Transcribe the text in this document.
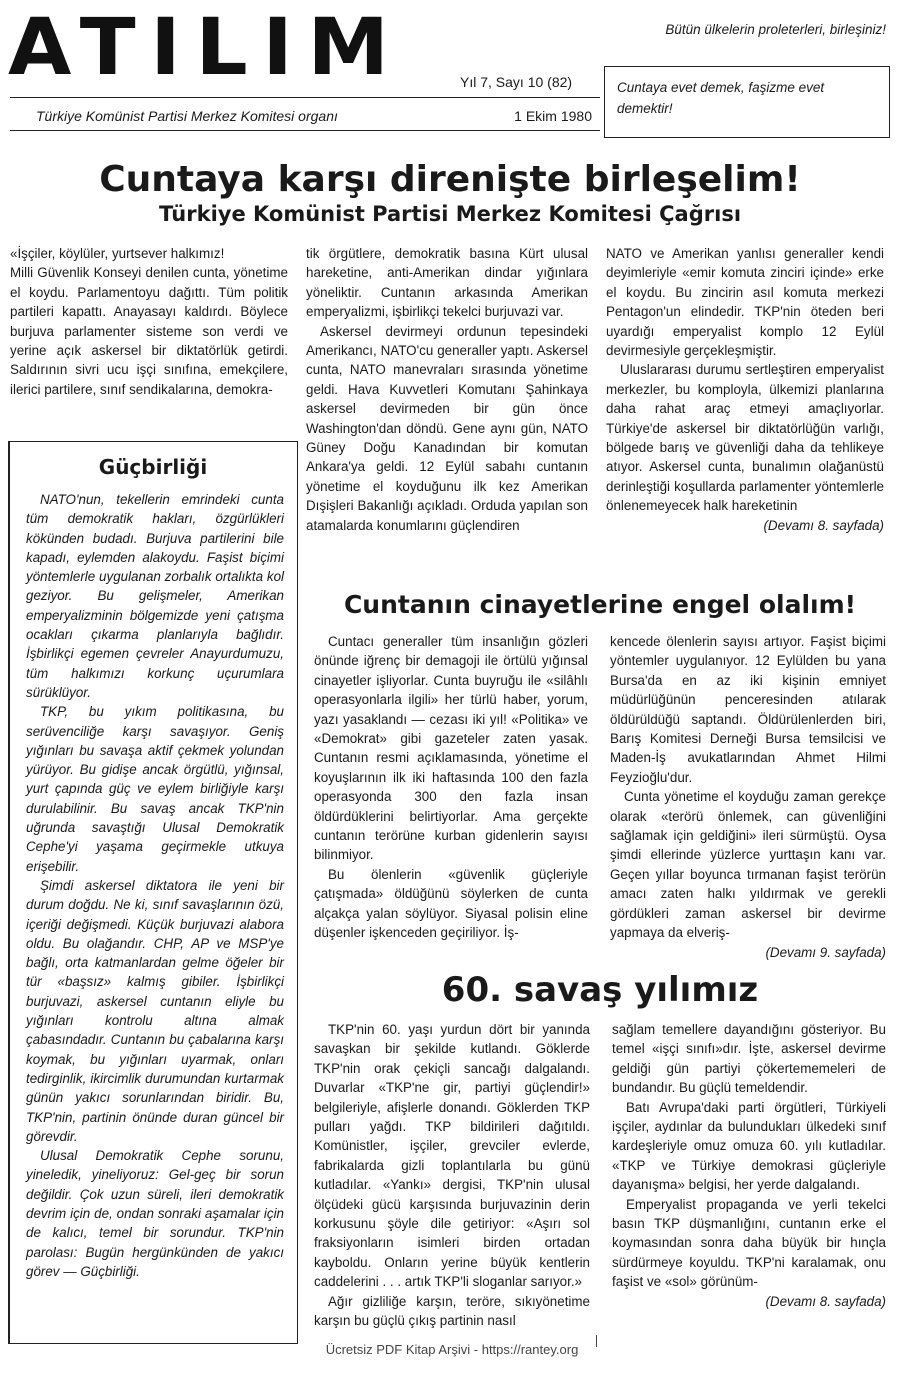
ATILIM	Bütün ülkelerin proleterleri, birleşiniz!
Cuntaya evet demek, faşizme evet demektir!
Yıl 7, Sayı 10 (82)
Türkiye Komünist Partisi Merkez Komitesi organı	1 Ekim 1980
Cuntaya karşı direnişte birleşelim!
Türkiye Komünist Partisi Merkez Komitesi Çağrısı

«İşçiler, köylüler, yurtsever halkımız!

Milli Güvenlik Konseyi denilen cunta, yönetime el koydu. Parlamentoyu dağıttı. Tüm politik partileri kapattı. Anayasayı kaldırdı. Böylece burjuva parlamenter sisteme son verdi ve yerine açık askersel bir diktatörlük getirdi. Saldırının sivri ucu işçi sınıfına, emekçilere, ilerici partilere, sınıf sendikalarına, demokra-

tik örgütlere, demokratik basına Kürt ulusal hareketine, anti-Amerikan dindar yığınlara yöneliktir. Cuntanın arkasında Amerikan emperyalizmi, işbirlikçi tekelci burjuvazi var.

Askersel devirmeyi ordunun tepesindeki Amerikancı, NATO'cu generaller yaptı. Askersel cunta, NATO manevraları sırasında yönetime geldi. Hava Kuvvetleri Komutanı Şahinkaya askersel devirmeden bir gün önce Washington'dan döndü. Gene aynı gün, NATO Güney Doğu Kanadından bir komutan Ankara'ya geldi. 12 Eylül sabahı cuntanın yönetime el koyduğunu ilk kez Amerikan Dışişleri Bakanlığı açıkladı. Orduda yapılan son atamalarda konumlarını güçlendiren

NATO ve Amerikan yanlısı generaller kendi deyimleriyle «emir komuta zinciri içinde» erke el koydu. Bu zincirin asıl komuta merkezi Pentagon'un elindedir. TKP'nin öteden beri uyardığı emperyalist komplo 12 Eylül devirmesiyle gerçekleşmiştir.

Uluslararası durumu sertleştiren emperyalist merkezler, bu komployla, ülkemizi planlarına daha rahat araç etmeyi amaçlıyorlar. Türkiye'de askersel bir diktatörlüğün varlığı, bölgede barış ve güvenliği daha da tehlikeye atıyor. Askersel cunta, bunalımın olağanüstü derinleştiği koşullarda parlamenter yöntemlerle önlenemeyecek halk hareketinin

(Devamı 8. sayfada)
Güçbirliği

NATO'nun, tekellerin emrindeki cunta tüm demokratik hakları, özgürlükleri kökünden budadı. Burjuva partilerini bile kapadı, eylemden alakoydu. Faşist biçimi yöntemlerle uygulanan zorbalık ortalıkta kol geziyor. Bu gelişmeler, Amerikan emperyalizminin bölgemizde yeni çatışma ocakları çıkarma planlarıyla bağlıdır. İşbirlikçi egemen çevreler Anayurdumuzu, tüm halkımızı korkunç uçurumlara sürüklüyor.

TKP, bu yıkım politikasına, bu serüvenciliğe karşı savaşıyor. Geniş yığınları bu savaşa aktif çekmek yolundan yürüyor. Bu gidişe ancak örgütlü, yığınsal, yurt çapında güç ve eylem birliğiyle karşı durulabilinir. Bu savaş ancak TKP'nin uğrunda savaştığı Ulusal Demokratik Cephe'yi yaşama geçirmekle utkuya erişebilir.

Şimdi askersel diktatora ile yeni bir durum doğdu. Ne ki, sınıf savaşlarının özü, içeriği değişmedi. Küçük burjuvazi alabora oldu. Bu olağandır. CHP, AP ve MSP'ye bağlı, orta katmanlardan gelme öğeler bir tür «başsız» kalmış gibiler. İşbirlikçi burjuvazi, askersel cuntanın eliyle bu yığınları kontrolu altına almak çabasındadır. Cuntanın bu çabalarına karşı koymak, bu yığınları uyarmak, onları tedirginlik, ikircimlik durumundan kurtarmak günün yakıcı sorunlarından biridir. Bu, TKP'nin, partinin önünde duran güncel bir görevdir.

Ulusal Demokratik Cephe sorunu, yineledik, yineliyoruz: Gel-geç bir sorun değildir. Çok uzun süreli, ileri demokratik devrim için de, ondan sonraki aşamalar için de kalıcı, temel bir sorundur. TKP'nin parolası: Bugün hergünkünden de yakıcı görev — Güçbirliği.

Cuntanın cinayetlerine engel olalım!

Cuntacı generaller tüm insanlığın gözleri önünde iğrenç bir demagoji ile örtülü yığınsal cinayetler işliyorlar. Cunta buyruğu ile «silâhlı operasyonlarla ilgili» her türlü haber, yorum, yazı yasaklandı — cezası iki yıl! «Politika» ve «Demokrat» gibi gazeteler zaten yasak. Cuntanın resmi açıklamasında, yönetime el koyuşlarının ilk iki haftasında 100 den fazla operasyonda 300 den fazla insan öldürdüklerini belirtiyorlar. Ama gerçekte cuntanın terörüne kurban gidenlerin sayısı bilinmiyor.

Bu ölenlerin «güvenlik güçleriyle çatışmada» öldüğünü söylerken de cunta alçakça yalan söylüyor. Siyasal polisin eline düşenler işkenceden geçiriliyor. İş-

kencede ölenlerin sayısı artıyor. Faşist biçimi yöntemler uygulanıyor. 12 Eylülden bu yana Bursa'da en az iki kişinin emniyet müdürlüğünün penceresinden atılarak öldürüldüğü saptandı. Öldürülenlerden biri, Barış Komitesi Derneği Bursa temsilcisi ve Maden-İş avukatlarından Ahmet Hilmi Feyzioğlu'dur.

Cunta yönetime el koyduğu zaman gerekçe olarak «terörü önlemek, can güvenliğini sağlamak için geldiğini» ileri sürmüştü. Oysa şimdi ellerinde yüzlerce yurttaşın kanı var. Geçen yıllar boyunca tırmanan faşist terörün amacı zaten halkı yıldırmak ve gerekli gördükleri zaman askersel bir devirme yapmaya da elveriş-

(Devamı 9. sayfada)
60. savaş yılımız

TKP'nin 60. yaşı yurdun dört bir yanında savaşkan bir şekilde kutlandı. Göklerde TKP'nin orak çekiçli sancağı dalgalandı. Duvarlar «TKP'ne gir, partiyi güçlendir!» belgileriyle, afişlerle donandı. Göklerden TKP pulları yağdı. TKP bildirileri dağıtıldı. Komünistler, işçiler, grevciler evlerde, fabrikalarda gizli toplantılarla bu günü kutladılar. «Yankı» dergisi, TKP'nin ulusal ölçüdeki gücü karşısında burjuvazinin derin korkusunu şöyle dile getiriyor: «Aşırı sol fraksiyonların isimleri birden ortadan kayboldu. Onların yerine büyük kentlerin caddelerini . . . artık TKP'li sloganlar sarıyor.»

Ağır gizliliğe karşın, teröre, sıkıyönetime karşın bu güçlü çıkış partinin nasıl

sağlam temellere dayandığını gösteriyor. Bu temel «işçi sınıfı»dır. İşte, askersel devirme geldiği gün partiyi çökertememeleri de bundandır. Bu güçlü temeldendir.

Batı Avrupa'daki parti örgütleri, Türkiyeli işçiler, aydınlar da bulundukları ülkedeki sınıf kardeşleriyle omuz omuza 60. yılı kutladılar. «TKP ve Türkiye demokrasi güçleriyle dayanışma» belgisi, her yerde dalgalandı.

Emperyalist propaganda ve yerli tekelci basın TKP düşmanlığını, cuntanın erke el koymasından sonra daha büyük bir hınçla sürdürmeye koyuldu. TKP'ni karalamak, onu faşist ve «sol» görünüm-

(Devamı 8. sayfada)
Ücretsiz PDF Kitap Arşivi - https://rantey.org
